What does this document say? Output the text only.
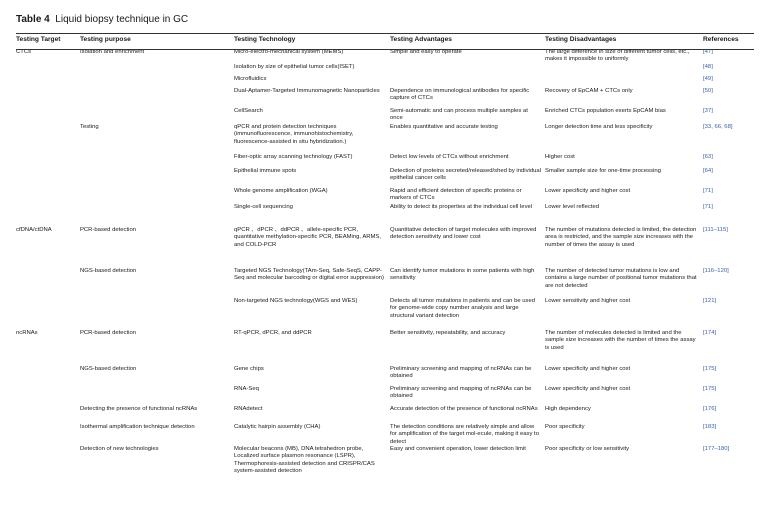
Table 4 Liquid biopsy technique in GC
Testing Target	Testing purpose	Testing Technology	Testing Advantages	Testing Disadvantages	References
CTCs	Isolation and enrichment	Micro-electro-mechanical system (MEMS)	Simple and easy to operate	The large difference in size of different tumor cells, etc., makes it impossible to uniformly	[47]
		Isolation by size of epithelial tumor cells(ISET)			[48]
		Microfluidics			[49]
		Dual-Aptamer-Targeted Immunomagnetic Nanoparticles	Dependence on immunological antibodies for specific capture of CTCs	Recovery of EpCAM + CTCs only	[50]
		CellSearch	Semi-automatic and can process multiple samples at once	Enriched CTCs population exerts EpCAM bias	[37]
	Testing	qPCR and protein detection techniques (immunofluorescence, immunohistochemistry, fluorescence-assisted in situ hybridization.)	Enables quantitative and accurate testing	Longer detection time and less specificity	[33, 66, 68]
		Fiber-optic array scanning technology (FAST)	Detect low levels of CTCs without enrichment	Higher cost	[63]
		Epithelial immune spots	Detection of proteins secreted/released/shed by individual epithelial cancer cells	Smaller sample size for one-time processing	[64]
		Whole genome amplification (WGA)	Rapid and efficient detection of specific proteins or markers of CTCs	Lower specificity and higher cost	[71]
		Single-cell sequencing	Ability to detect its properties at the individual cell level	Lower level reflected	[71]
cfDNA/ctDNA	PCR-based detection	qPCR 、dPCR 、ddPCR 、allele-specific PCR, quantitative methylation-specific PCR, BEAMing, ARMS, and COLD-PCR	Quantitative detection of target molecules with improved detection sensitivity and lower cost	The number of mutations detected is limited, the detection area is restricted, and the sample size increases with the number of times the assay is used	[111–115]
	NGS-based detection	Targeted NGS Technology(TAm-Seq, Safe-SeqS, CAPP-Seq and molecular barcoding or digital error suppression)	Can identify tumor mutations in some patients with high sensitivity	The number of detected tumor mutations is low and contains a large number of positional tumor mutations that are not detected	[116–120]
		Non-targeted NGS technology(WGS and WES)	Detects all tumor mutations in patients and can be used for genome-wide copy number analysis and large structural variant detection	Lower sensitivity and higher cost	[121]
ncRNAs	PCR-based detection	RT-qPCR, dPCR, and ddPCR	Better sensitivity, repeatability, and accuracy	The number of molecules detected is limited and the sample size increases with the number of times the assay is used	[174]
	NGS-based detection	Gene chips	Preliminary screening and mapping of ncRNAs can be obtained	Lower specificity and higher cost	[175]
		RNA-Seq	Preliminary screening and mapping of ncRNAs can be obtained	Lower specificity and higher cost	[175]
	Detecting the presence of functional ncRNAs	RNAdetect	Accurate detection of the presence of functional ncRNAs	High dependency	[176]
	Isothermal amplification technique detection	Catalytic hairpin assembly (CHA)	The detection conditions are relatively simple and allow for amplification of the target mol-ecule, making it easy to detect	Poor specificity	[183]
	Detection of new technologies	Molecular beacons (MB), DNA tetrahedron probe, Localized surface plasmon resonance (LSPR), Thermophoresis-assisted detection and CRISPR/CAS system-assisted detection	Easy and convenient operation, lower detection limit	Poor specificity or low sensitivity	[177–180]
